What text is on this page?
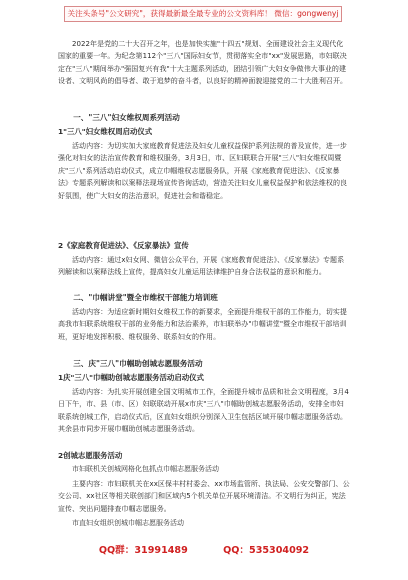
关注头条号"公文研究"，获得最新最全最专业的公文资料库！ 微信：gongwenyj

2022年是党的二十大召开之年，也是加快实施"十四五"规划、全面建设社会主义现代化国家的重要一年。为纪念第112个"三八"国际妇女节，贯彻落实全市"xx"发展思路，市妇联决定在"三八"期间举办"强国复兴有我"十大主题系列活动，团结引领广大妇女争做伟大事业的建设者、文明风尚的倡导者、敢于追梦的奋斗者，以良好的精神面貌迎接党的二十大胜利召开。

一、"三八"妇女维权周系列活动

1"三八"妇女维权周启动仪式

活动内容：为切实加大家庭教育促进法及妇女儿童权益保护系列法规的普及宣传，进一步强化对妇女的法治宣传教育和维权服务，3月3日，市、区妇联联合开展"三八"妇女维权周暨庆"三八"系列活动启动仪式，成立巾帼维权志愿服务队，开展《家庭教育促进法》、《反家暴法》专题系列解读和以案释法现场宣传咨询活动，营造关注妇女儿童权益保护和依法维权的良好氛围，使广大妇女的法治意识，促进社会和谐稳定。

2《家庭教育促进法》、《反家暴法》宣传

活动内容：通过x妇女网、微信公众平台，开展《家庭教育促进法》、《反家暴法》专题系列解读和以案释法线上宣传，提高妇女儿童运用法律维护自身合法权益的意识和能力。

二、"巾帼讲堂"暨全市维权干部能力培训班

活动内容：为适应新时期妇女维权工作的新要求，全面提升维权干部的工作能力，切实提高我市妇联系统维权干部的业务能力和法治素养，市妇联举办"巾帼讲堂"暨全市维权干部培训班，更好地发挥积极、维权服务、联系妇女的作用。

三、庆"三八"巾帼助创城志愿服务活动

1庆"三八"巾帼助创城志愿服务活动启动仪式

活动内容：为扎实开展创建全国文明城市工作，全面提升城市品质和社会文明程度，3月4日下午，市、县（市、区）妇联联动开展x市庆"三八"巾帼助创城志愿服务活动，安排全市妇联系统创城工作，启动仪式后，区直妇女组织分别深入卫生包括区域开展巾帼志愿服务活动。其余县市同步开展巾帼助创城志愿服务活动。

2创城志愿服务活动

市妇联机关创城网格化包抓点巾帼志愿服务活动

主要内容：市妇联机关在xx区保丰村村委会、xx市场监管所、执法局、公安交警部门、公交公司、xx社区等相关联创部门和区域内5个机关单位开展环境清洁。不文明行为纠正，宪法宣传、突出问题排查巾帼志愿服务。

市直妇女组织创城巾帼志愿服务活动

QQ群：31991489	QQ：535304092
